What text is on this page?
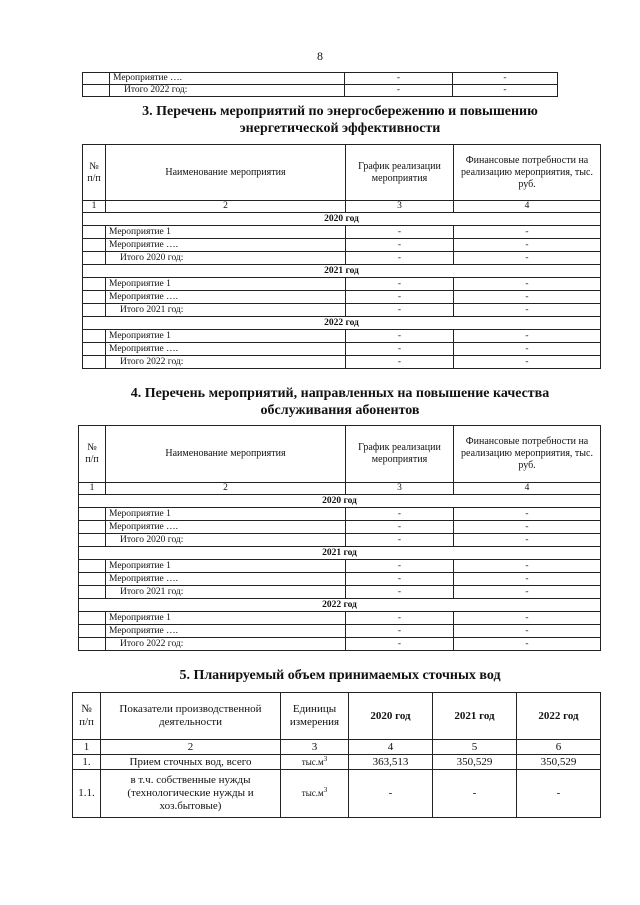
8
	Мероприятие ….	-	-
	Итого 2022 год:	-	-
3. Перечень мероприятий по энергосбережению и повышению
энергетической эффективности
№ п/п	Наименование мероприятия	График реализации мероприятия	Финансовые потребности на реализацию мероприятия, тыс. руб.
1	2	3	4
2020 год			
	Мероприятие 1	-	-
	Мероприятие ….	-	-
	Итого 2020 год:	-	-
2021 год			
	Мероприятие 1	-	-
	Мероприятие ….	-	-
	Итого 2021 год:	-	-
2022 год			
	Мероприятие 1	-	-
	Мероприятие ….	-	-
	Итого 2022 год:	-	-
4. Перечень мероприятий, направленных на повышение качества
обслуживания абонентов
№ п/п	Наименование мероприятия	График реализации мероприятия	Финансовые потребности на реализацию мероприятия, тыс. руб.
1	2	3	4
2020 год			
	Мероприятие 1	-	-
	Мероприятие ….	-	-
	Итого 2020 год:	-	-
2021 год			
	Мероприятие 1	-	-
	Мероприятие ….	-	-
	Итого 2021 год:	-	-
2022 год			
	Мероприятие 1	-	-
	Мероприятие ….	-	-
	Итого 2022 год:	-	-
5. Планируемый объем принимаемых сточных вод
№ п/п	Показатели производственной деятельности	Единицы измерения	2020 год	2021 год	2022 год
1	2	3	4	5	6
1.	Прием сточных вод, всего	$тыс.м^3$	363,513	350,529	350,529
1.1.	в т.ч. собственные нужды (технологические нужды и хоз.бытовые)	$тыс.м^3$	-	-	-
